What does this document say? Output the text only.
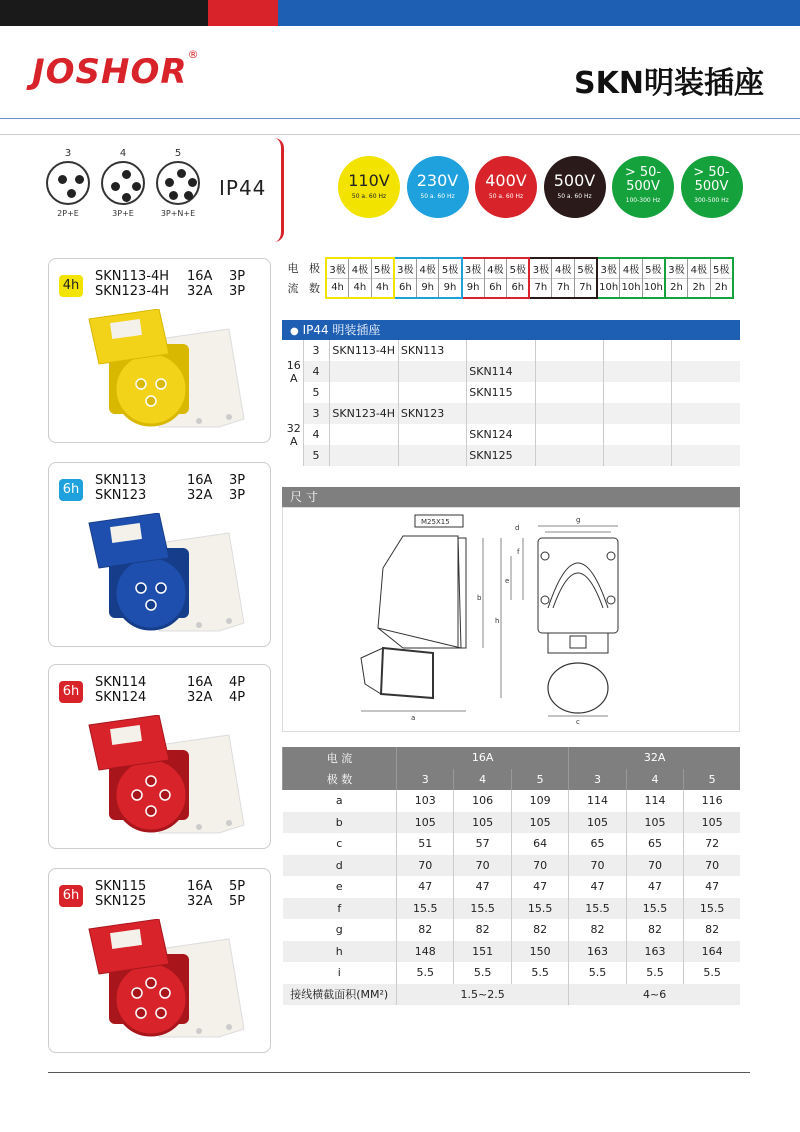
JOSHOR®
SKN明装插座
3
2P+E
4
3P+E
5
3P+N+E
IP44	110V
50 a. 60 Hz
230V
50 a. 60 Hz
400V
50 a. 60 Hz
500V
50 a. 60 Hz
> 50-
500V
100-300 Hz
> 50-
500V
300-500 Hz
4h
SKN113-4H	16A	3P
SKN123-4H	32A	3P
6h
SKN113	16A	3P
SKN123	32A	3P
6h
SKN114	16A	4P
SKN124	32A	4P
6h
SKN115	16A	5P
SKN125	32A	5P
电	极	3极	4极	5极	3极	4极	5极	3极	4极	5极	3极	4极	5极	3极	4极	5极	3极	4极	5极
流	数	4h	4h	4h	6h	9h	9h	9h	6h	6h	7h	7h	7h	10h	10h	10h	2h	2h	2h
● IP44 明装插座
16
A	3	SKN113-4H	SKN113				
	4			SKN114			
	5			SKN115			
32
A	3	SKN123-4H	SKN123				
	4			SKN124			
	5			SKN125			
尺 寸
M25X15
a
b
c
d
e
f
g
h
电 流	16A			32A		
极 数	3	4	5	3	4	5
a	103	106	109	114	114	116
b	105	105	105	105	105	105
c	51	57	64	65	65	72
d	70	70	70	70	70	70
e	47	47	47	47	47	47
f	15.5	15.5	15.5	15.5	15.5	15.5
g	82	82	82	82	82	82
h	148	151	150	163	163	164
i	5.5	5.5	5.5	5.5	5.5	5.5
接线横截面积(MM²)	1.5~2.5			4~6		
